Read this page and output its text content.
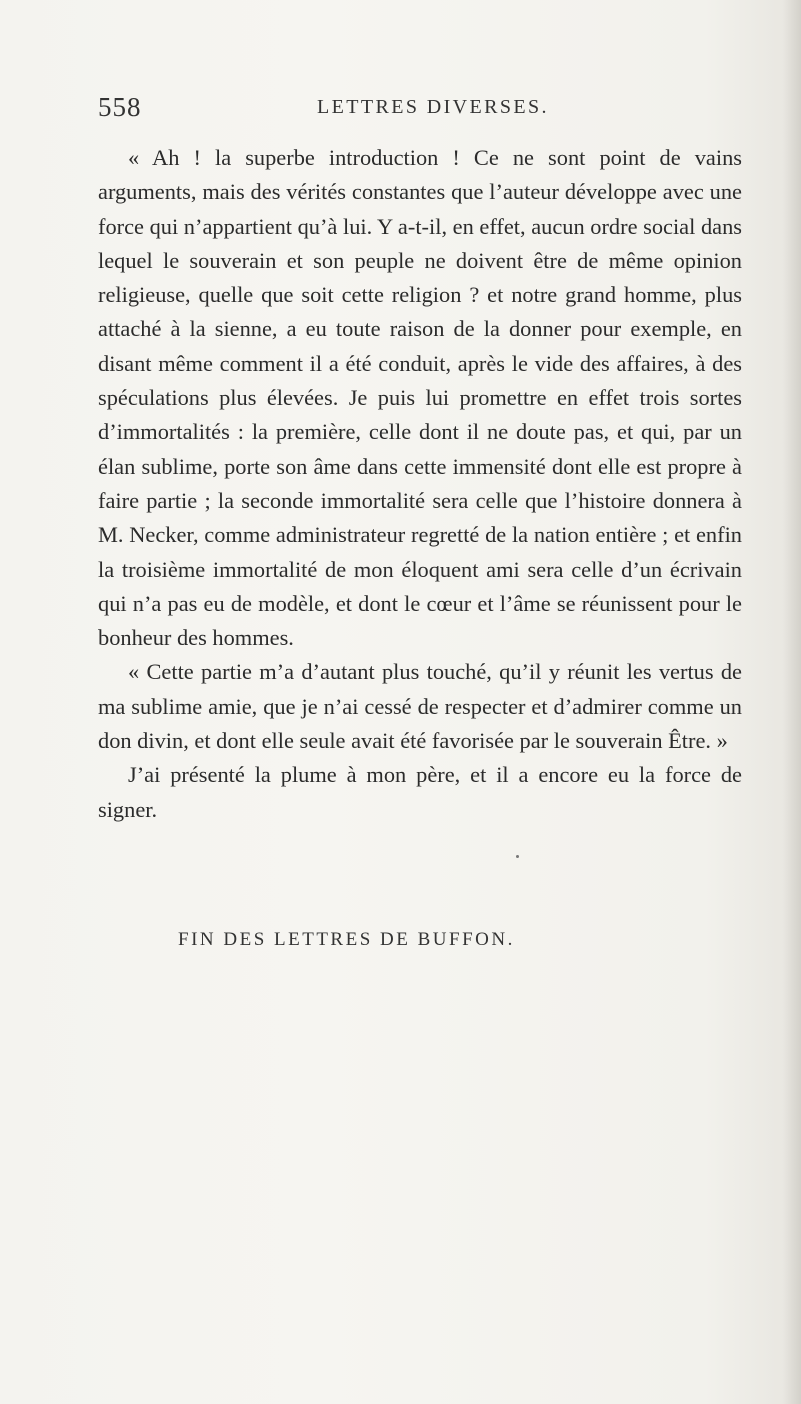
558	LETTRES DIVERSES.

« Ah ! la superbe introduction ! Ce ne sont point de vains arguments, mais des vérités constantes que l’auteur développe avec une force qui n’appartient qu’à lui. Y a-t-il, en effet, aucun ordre social dans lequel le souverain et son peuple ne doivent être de même opinion religieuse, quelle que soit cette religion ? et notre grand homme, plus attaché à la sienne, a eu toute raison de la donner pour exemple, en disant même comment il a été conduit, après le vide des affaires, à des spéculations plus élevées. Je puis lui promettre en effet trois sortes d’immortalités : la première, celle dont il ne doute pas, et qui, par un élan sublime, porte son âme dans cette immensité dont elle est propre à faire partie ; la seconde immortalité sera celle que l’histoire donnera à M. Necker, comme administrateur regretté de la nation entière ; et enfin la troisième immortalité de mon éloquent ami sera celle d’un écrivain qui n’a pas eu de modèle, et dont le cœur et l’âme se réunissent pour le bonheur des hommes.

« Cette partie m’a d’autant plus touché, qu’il y réunit les vertus de ma sublime amie, que je n’ai cessé de respecter et d’admirer comme un don divin, et dont elle seule avait été favorisée par le souverain Être. »

J’ai présenté la plume à mon père, et il a encore eu la force de signer.

FIN DES LETTRES DE BUFFON.
